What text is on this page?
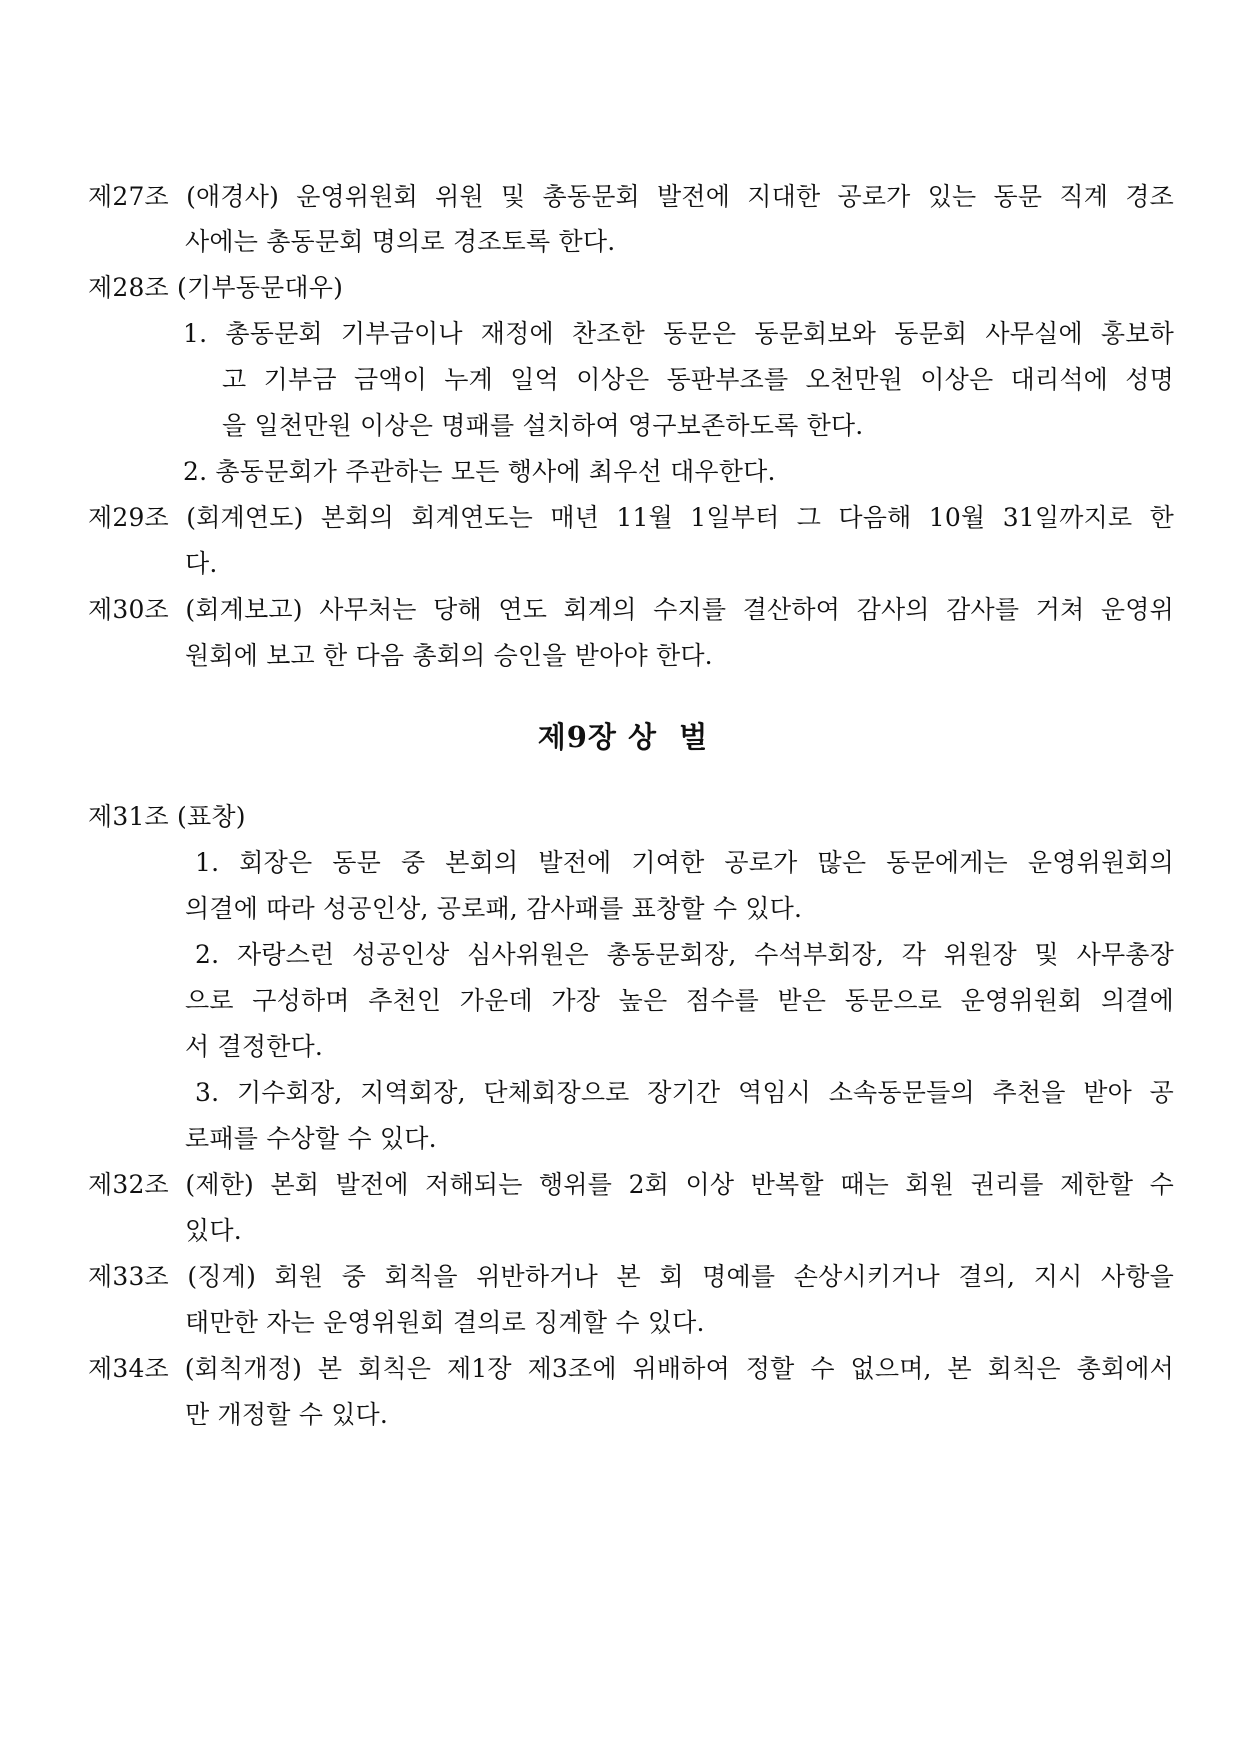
제27조 (애경사) 운영위원회 위원 및 총동문회 발전에 지대한 공로가 있는 동문 직계 경조
사에는 총동문회 명의로 경조토록 한다.
제28조 (기부동문대우)
1. 총동문회 기부금이나 재정에 찬조한 동문은 동문회보와 동문회 사무실에 홍보하
고 기부금 금액이 누계 일억 이상은 동판부조를 오천만원 이상은 대리석에 성명
을 일천만원 이상은 명패를 설치하여 영구보존하도록 한다.
2. 총동문회가 주관하는 모든 행사에 최우선 대우한다.
제29조 (회계연도) 본회의 회계연도는 매년 11월 1일부터 그 다음해 10월 31일까지로 한
다.
제30조 (회계보고) 사무처는 당해 연도 회계의 수지를 결산하여 감사의 감사를 거쳐 운영위
원회에 보고 한 다음 총회의 승인을 받아야 한다.
제9장 상  벌
제31조 (표창)
1. 회장은 동문 중 본회의 발전에 기여한 공로가 많은 동문에게는 운영위원회의
의결에 따라 성공인상, 공로패, 감사패를 표창할 수 있다.
2. 자랑스런 성공인상 심사위원은 총동문회장, 수석부회장, 각 위원장 및 사무총장
으로 구성하며 추천인 가운데 가장 높은 점수를 받은 동문으로 운영위원회 의결에
서 결정한다.
3. 기수회장, 지역회장, 단체회장으로 장기간 역임시 소속동문들의 추천을 받아 공
로패를 수상할 수 있다.
제32조 (제한) 본회 발전에 저해되는 행위를 2회 이상 반복할 때는 회원 권리를 제한할 수
있다.
제33조 (징계) 회원 중 회칙을 위반하거나 본 회 명예를 손상시키거나 결의, 지시 사항을
태만한 자는 운영위원회 결의로 징계할 수 있다.
제34조 (회칙개정) 본 회칙은 제1장 제3조에 위배하여 정할 수 없으며, 본 회칙은 총회에서
만 개정할 수 있다.
